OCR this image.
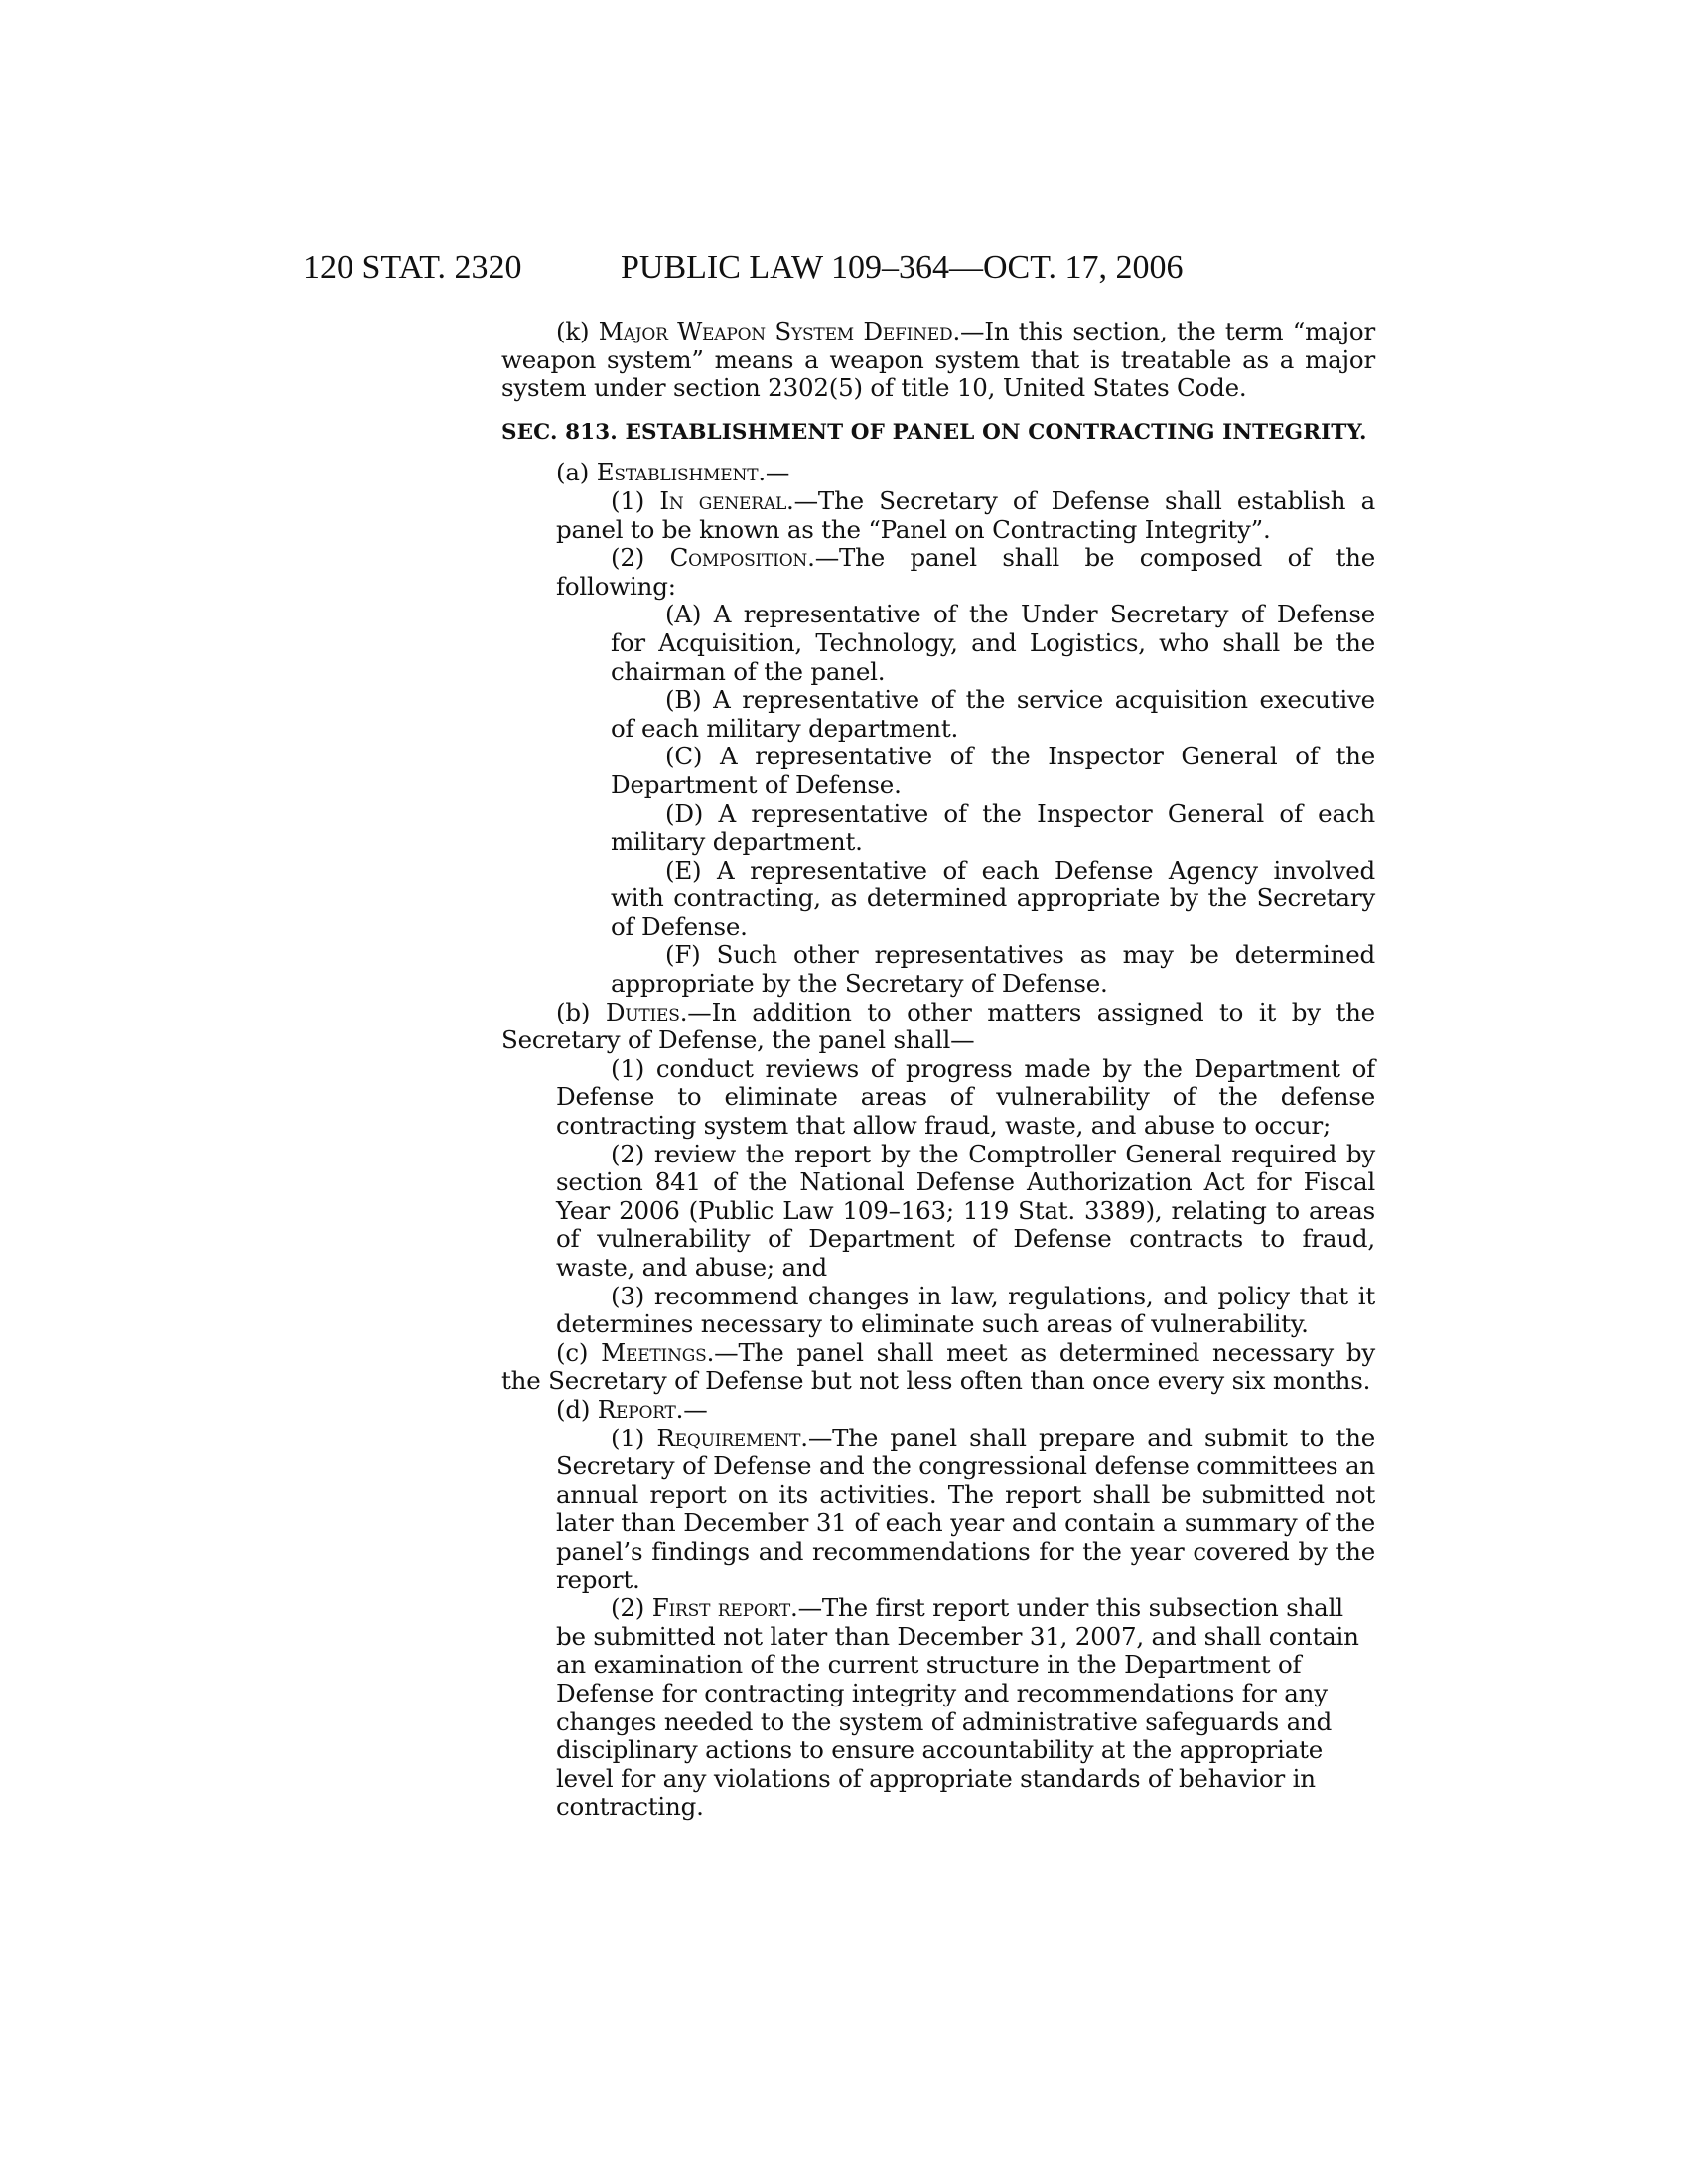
120 STAT. 2320	PUBLIC LAW 109–364—OCT. 17, 2006

(k) Major Weapon System Defined.—In this section, the term “major weapon system” means a weapon system that is treatable as a major system under section 2302(5) of title 10, United States Code.

SEC. 813. ESTABLISHMENT OF PANEL ON CONTRACTING INTEGRITY.

(a) Establishment.—

(1) In general.—The Secretary of Defense shall establish a panel to be known as the “Panel on Contracting Integrity”.

(2) Composition.—The panel shall be composed of the following:

(A) A representative of the Under Secretary of Defense for Acquisition, Technology, and Logistics, who shall be the chairman of the panel.

(B) A representative of the service acquisition executive of each military department.

(C) A representative of the Inspector General of the Department of Defense.

(D) A representative of the Inspector General of each military department.

(E) A representative of each Defense Agency involved with contracting, as determined appropriate by the Secretary of Defense.

(F) Such other representatives as may be determined appropriate by the Secretary of Defense.

(b) Duties.—In addition to other matters assigned to it by the Secretary of Defense, the panel shall—

(1) conduct reviews of progress made by the Department of Defense to eliminate areas of vulnerability of the defense contracting system that allow fraud, waste, and abuse to occur;

(2) review the report by the Comptroller General required by section 841 of the National Defense Authorization Act for Fiscal Year 2006 (Public Law 109–163; 119 Stat. 3389), relating to areas of vulnerability of Department of Defense contracts to fraud, waste, and abuse; and

(3) recommend changes in law, regulations, and policy that it determines necessary to eliminate such areas of vulnerability.

(c) Meetings.—The panel shall meet as determined necessary by the Secretary of Defense but not less often than once every six months.

(d) Report.—

(1) Requirement.—The panel shall prepare and submit to the Secretary of Defense and the congressional defense committees an annual report on its activities. The report shall be submitted not later than December 31 of each year and contain a summary of the panel’s findings and recommendations for the year covered by the report.

(2) First report.—The first report under this subsection shall be submitted not later than December 31, 2007, and shall contain an examination of the current structure in the Department of Defense for contracting integrity and recommendations for any changes needed to the system of administrative safeguards and disciplinary actions to ensure accountability at the appropriate level for any violations of appropriate standards of behavior in contracting.
